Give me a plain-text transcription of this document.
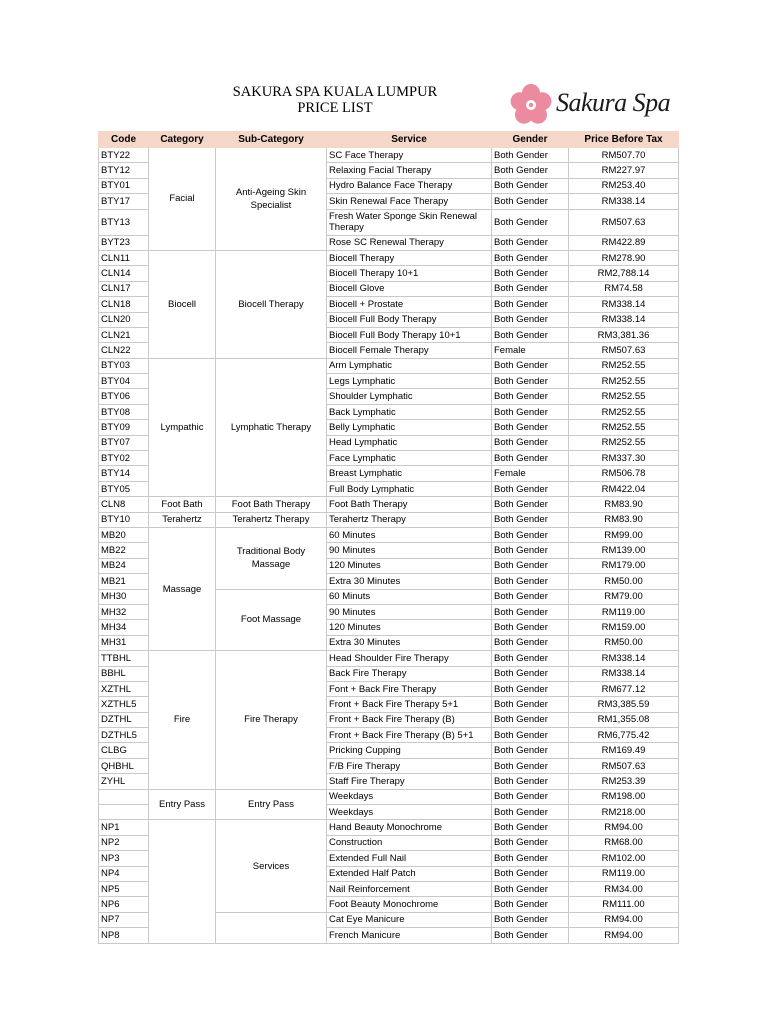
SAKURA SPA KUALA LUMPUR
PRICE LIST	Sakura Spa
Code	Category	Sub-Category	Service	Gender	Price Before Tax
BTY22	Facial	Anti-Ageing Skin Specialist	SC Face Therapy	Both Gender	RM507.70
BTY12			Relaxing Facial Therapy	Both Gender	RM227.97
BTY01			Hydro Balance Face Therapy	Both Gender	RM253.40
BTY17			Skin Renewal Face Therapy	Both Gender	RM338.14
BTY13			Fresh Water Sponge Skin Renewal Therapy	Both Gender	RM507.63
BYT23			Rose SC Renewal Therapy	Both Gender	RM422.89
CLN11	Biocell	Biocell Therapy	Biocell Therapy	Both Gender	RM278.90
CLN14			Biocell Therapy 10+1	Both Gender	RM2,788.14
CLN17			Biocell Glove	Both Gender	RM74.58
CLN18			Biocell + Prostate	Both Gender	RM338.14
CLN20			Biocell Full Body Therapy	Both Gender	RM338.14
CLN21			Biocell Full Body Therapy 10+1	Both Gender	RM3,381.36
CLN22			Biocell Female Therapy	Female	RM507.63
BTY03	Lympathic	Lymphatic Therapy	Arm Lymphatic	Both Gender	RM252.55
BTY04			Legs Lymphatic	Both Gender	RM252.55
BTY06			Shoulder Lymphatic	Both Gender	RM252.55
BTY08			Back Lymphatic	Both Gender	RM252.55
BTY09			Belly Lymphatic	Both Gender	RM252.55
BTY07			Head Lymphatic	Both Gender	RM252.55
BTY02			Face Lymphatic	Both Gender	RM337.30
BTY14			Breast Lymphatic	Female	RM506.78
BTY05			Full Body Lymphatic	Both Gender	RM422.04
CLN8	Foot Bath	Foot Bath Therapy	Foot Bath Therapy	Both Gender	RM83.90
BTY10	Terahertz	Terahertz Therapy	Terahertz Therapy	Both Gender	RM83.90
MB20	Massage	Traditional Body Massage	60 Minutes	Both Gender	RM99.00
MB22			90 Minutes	Both Gender	RM139.00
MB24			120 Minutes	Both Gender	RM179.00
MB21			Extra 30 Minutes	Both Gender	RM50.00
MH30		Foot Massage	60 Minuts	Both Gender	RM79.00
MH32			90 Minutes	Both Gender	RM119.00
MH34			120 Minutes	Both Gender	RM159.00
MH31			Extra 30 Minutes	Both Gender	RM50.00
TTBHL	Fire	Fire Therapy	Head Shoulder Fire Therapy	Both Gender	RM338.14
BBHL			Back Fire Therapy	Both Gender	RM338.14
XZTHL			Font + Back Fire Therapy	Both Gender	RM677.12
XZTHL5			Front + Back Fire Therapy 5+1	Both Gender	RM3,385.59
DZTHL			Front + Back Fire Therapy (B)	Both Gender	RM1,355.08
DZTHL5			Front + Back Fire Therapy (B) 5+1	Both Gender	RM6,775.42
CLBG			Pricking Cupping	Both Gender	RM169.49
QHBHL			F/B Fire Therapy	Both Gender	RM507.63
ZYHL			Staff Fire Therapy	Both Gender	RM253.39
	Entry Pass	Entry Pass	Weekdays	Both Gender	RM198.00
			Weekdays	Both Gender	RM218.00
NP1		Services	Hand Beauty Monochrome	Both Gender	RM94.00
NP2			Construction	Both Gender	RM68.00
NP3			Extended Full Nail	Both Gender	RM102.00
NP4			Extended Half Patch	Both Gender	RM119.00
NP5			Nail Reinforcement	Both Gender	RM34.00
NP6			Foot Beauty Monochrome	Both Gender	RM111.00
NP7			Cat Eye Manicure	Both Gender	RM94.00
NP8			French Manicure	Both Gender	RM94.00
